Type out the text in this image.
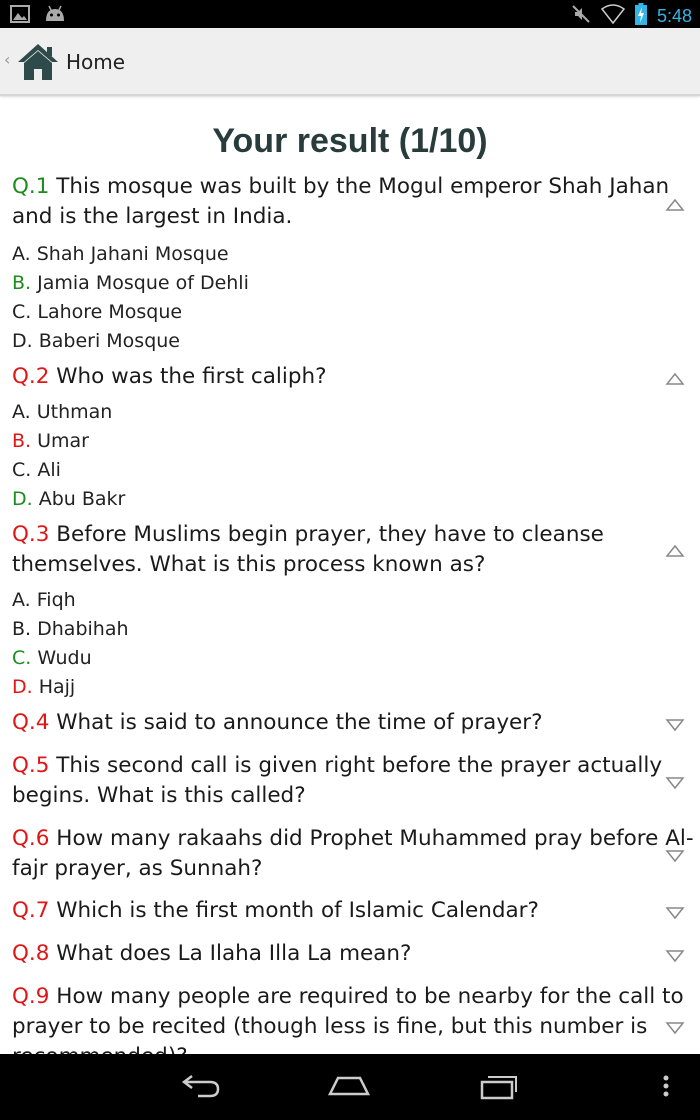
5:48
‹	Home
Your result (1/10)
Q.1 This mosque was built by the Mogul emperor Shah Jahan and is the largest in India.
A. Shah Jahani Mosque
B. Jamia Mosque of Dehli
C. Lahore Mosque
D. Baberi Mosque
Q.2 Who was the first caliph?
A. Uthman
B. Umar
C. Ali
D. Abu Bakr
Q.3 Before Muslims begin prayer, they have to cleanse themselves. What is this process known as?
A. Fiqh
B. Dhabihah
C. Wudu
D. Hajj
Q.4 What is said to announce the time of prayer?
Q.5 This second call is given right before the prayer actually begins. What is this called?
Q.6 How many rakaahs did Prophet Muhammed pray before Al-fajr prayer, as Sunnah?
Q.7 Which is the first month of Islamic Calendar?
Q.8 What does La Ilaha Illa La mean?
Q.9 How many people are required to be nearby for the call to prayer to be recited (though less is fine, but this number is
